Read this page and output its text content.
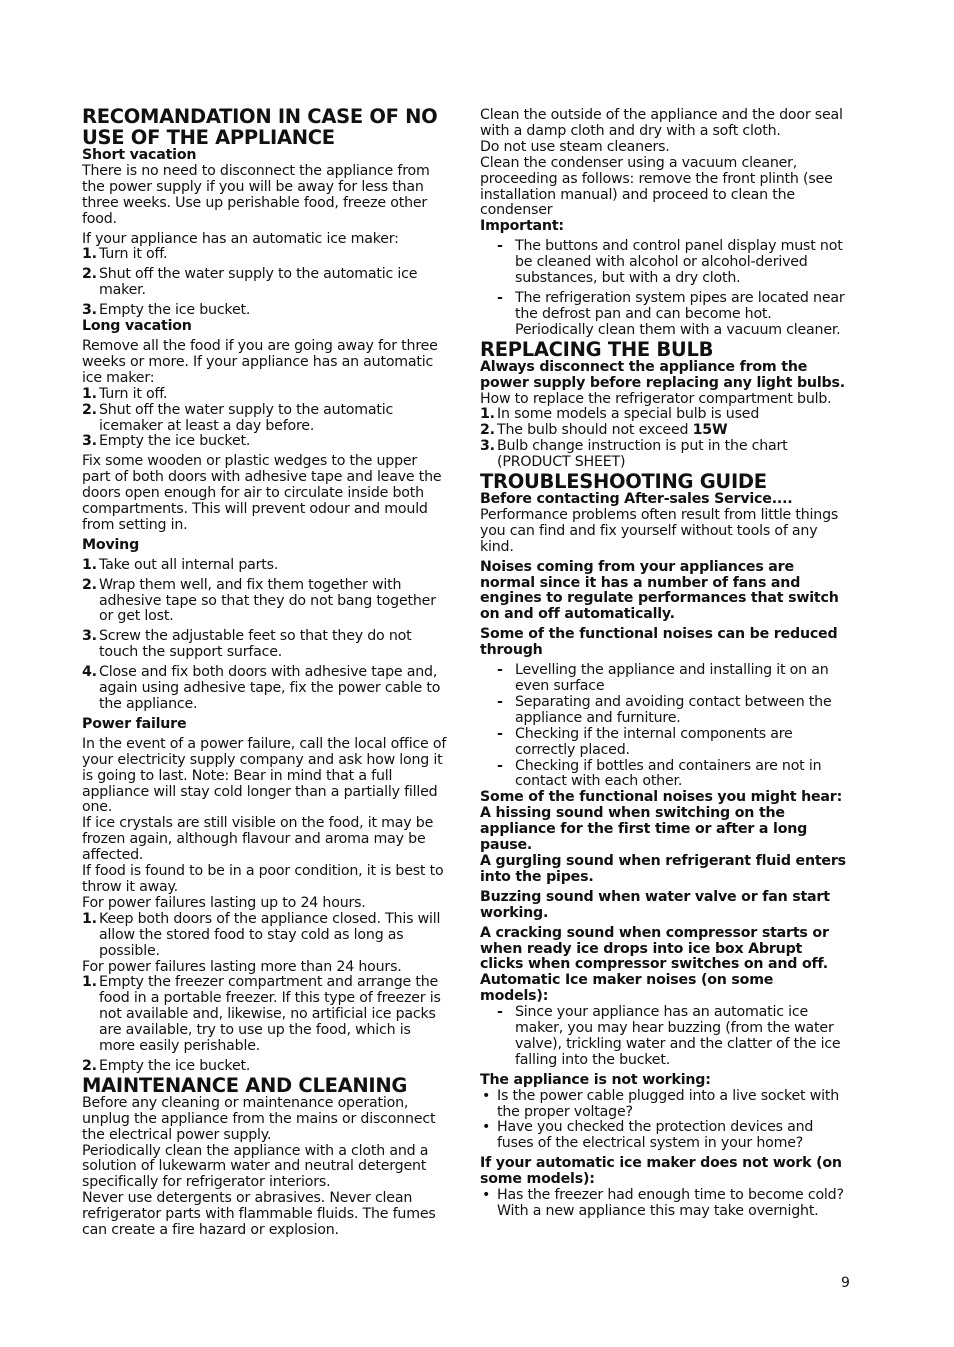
RECOMANDATION IN CASE OF NO USE OF THE APPLIANCE

Short vacation

There is no need to disconnect the appliance from the power supply if you will be away for less than three weeks. Use up perishable food, freeze other food.

If your appliance has an automatic ice maker:

1. Turn it off.
2. Shut off the water supply to the automatic ice maker.
3. Empty the ice bucket.

Long vacation

Remove all the food if you are going away for three weeks or more. If your appliance has an automatic ice maker:

1. Turn it off.
2. Shut off the water supply to the automatic icemaker at least a day before.
3. Empty the ice bucket.

Fix some wooden or plastic wedges to the upper part of both doors with adhesive tape and leave the doors open enough for air to circulate inside both compartments. This will prevent odour and mould from setting in.

Moving

1. Take out all internal parts.
2. Wrap them well, and fix them together with adhesive tape so that they do not bang together or get lost.
3. Screw the adjustable feet so that they do not touch the support surface.
4. Close and fix both doors with adhesive tape and, again using adhesive tape, fix the power cable to the appliance.

Power failure

In the event of a power failure, call the local office of your electricity supply company and ask how long it is going to last. Note: Bear in mind that a full appliance will stay cold longer than a partially filled one.

If ice crystals are still visible on the food, it may be frozen again, although flavour and aroma may be affected.

If food is found to be in a poor condition, it is best to throw it away.

For power failures lasting up to 24 hours.

1. Keep both doors of the appliance closed. This will allow the stored food to stay cold as long as possible.

For power failures lasting more than 24 hours.

1. Empty the freezer compartment and arrange the food in a portable freezer. If this type of freezer is not available and, likewise, no artificial ice packs are available, try to use up the food, which is more easily perishable.
2. Empty the ice bucket.

MAINTENANCE AND CLEANING

Before any cleaning or maintenance operation, unplug the appliance from the mains or disconnect the electrical power supply.

Periodically clean the appliance with a cloth and a solution of lukewarm water and neutral detergent specifically for refrigerator interiors.

Never use detergents or abrasives. Never clean refrigerator parts with flammable fluids. The fumes can create a fire hazard or explosion.

Clean the outside of the appliance and the door seal with a damp cloth and dry with a soft cloth.

Do not use steam cleaners.

Clean the condenser using a vacuum cleaner, proceeding as follows: remove the front plinth (see installation manual) and proceed to clean the condenser

Important:

- The buttons and control panel display must not be cleaned with alcohol or alcohol-derived substances, but with a dry cloth.
- The refrigeration system pipes are located near the defrost pan and can become hot. Periodically clean them with a vacuum cleaner.

REPLACING THE BULB

Always disconnect the appliance from the power supply before replacing any light bulbs.

How to replace the refrigerator compartment bulb.

1. In some models a special bulb is used
2. The bulb should not exceed 15W
3. Bulb change instruction is put in the chart (PRODUCT SHEET)

TROUBLESHOOTING GUIDE

Before contacting After-sales Service....

Performance problems often result from little things you can find and fix yourself without tools of any kind.

Noises coming from your appliances are normal since it has a number of fans and engines to regulate performances that switch on and off automatically.

Some of the functional noises can be reduced through

- Levelling the appliance and installing it on an even surface
- Separating and avoiding contact between the appliance and furniture.
- Checking if the internal components are correctly placed.
- Checking if bottles and containers are not in contact with each other.

Some of the functional noises you might hear:

A hissing sound when switching on the appliance for the first time or after a long pause.

A gurgling sound when refrigerant fluid enters into the pipes.

Buzzing sound when water valve or fan start working.

A cracking sound when compressor starts or when ready ice drops into ice box Abrupt clicks when compressor switches on and off.

Automatic Ice maker noises (on some models):

- Since your appliance has an automatic ice maker, you may hear buzzing (from the water valve), trickling water and the clatter of the ice falling into the bucket.

The appliance is not working:

• Is the power cable plugged into a live socket with the proper voltage?
• Have you checked the protection devices and fuses of the electrical system in your home?

If your automatic ice maker does not work (on some models):

• Has the freezer had enough time to become cold? With a new appliance this may take overnight.
9
